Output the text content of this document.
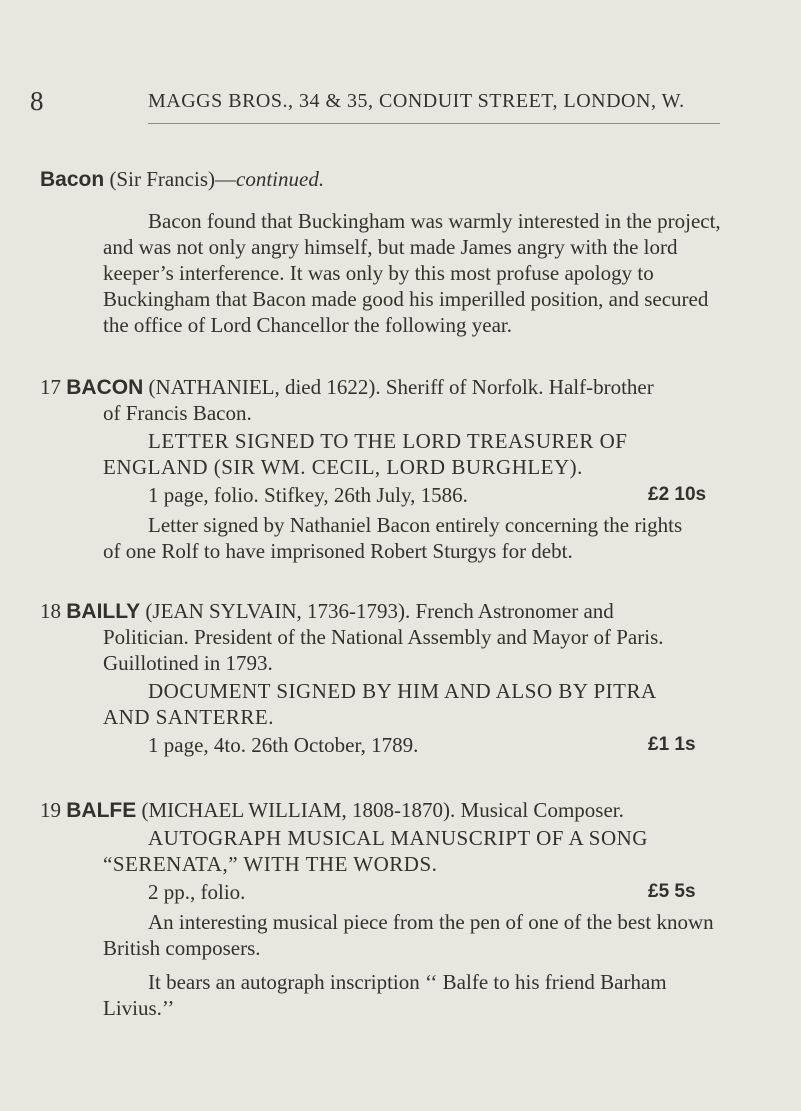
8	MAGGS BROS., 34 & 35, CONDUIT STREET, LONDON, W.

Bacon (Sir Francis)—continued.

Bacon found that Buckingham was warmly interested in the project,

and was not only angry himself, but made James angry with the lord

keeper’s interference. It was only by this most profuse apology to

Buckingham that Bacon made good his imperilled position, and secured

the office of Lord Chancellor the following year.

17 BACON (NATHANIEL, died 1622). Sheriff of Norfolk. Half-brother

of Francis Bacon.

LETTER SIGNED TO THE LORD TREASURER OF

ENGLAND (SIR WM. CECIL, LORD BURGHLEY).

1 page, folio. Stifkey, 26th July, 1586.	£2 10s

Letter signed by Nathaniel Bacon entirely concerning the rights

of one Rolf to have imprisoned Robert Sturgys for debt.

18 BAILLY (JEAN SYLVAIN, 1736-1793). French Astronomer and

Politician. President of the National Assembly and Mayor of Paris.

Guillotined in 1793.

DOCUMENT SIGNED BY HIM AND ALSO BY PITRA

AND SANTERRE.

1 page, 4to. 26th October, 1789.	£1 1s

19 BALFE (MICHAEL WILLIAM, 1808-1870). Musical Composer.

AUTOGRAPH MUSICAL MANUSCRIPT OF A SONG

“SERENATA,” WITH THE WORDS.

2 pp., folio.	£5 5s

An interesting musical piece from the pen of one of the best known

British composers.

It bears an autograph inscription ‘‘ Balfe to his friend Barham

Livius.’’
